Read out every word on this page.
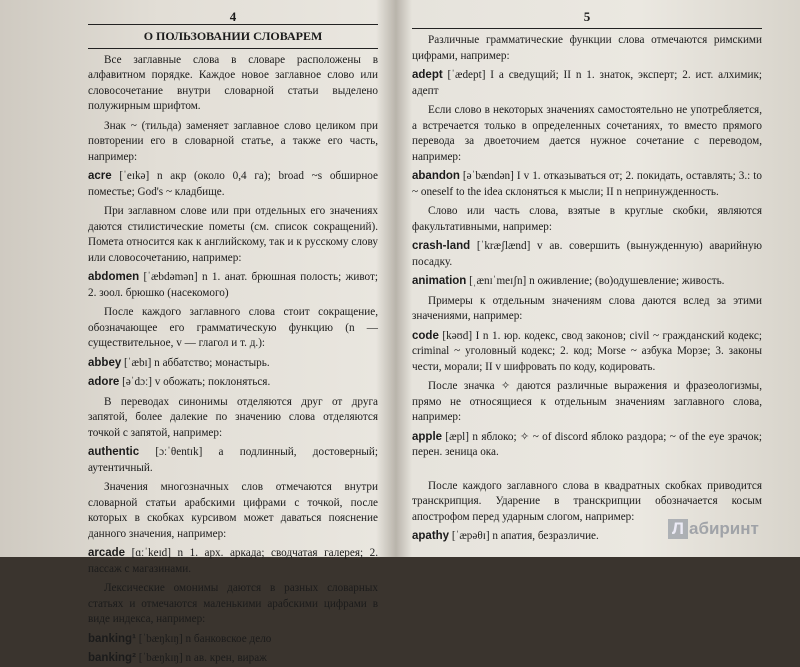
4
О ПОЛЬЗОВАНИИ СЛОВАРЕМ

Все заглавные слова в словаре расположены в алфавитном порядке. Каждое новое заглавное слово или словосочетание внутри словарной статьи выделено полужирным шрифтом.

Знак ~ (тильда) заменяет заглавное слово целиком при повторении его в словарной статье, а также его часть, например:

acre [ˈeɪkə] n акр (около 0,4 га); broad ~s обширное поместье; God's ~ кладбище.

При заглавном слове или при отдельных его значениях даются стилистические пометы (см. список сокращений). Помета относится как к английскому, так и к русскому слову или словосочетанию, например:

abdomen [ˈæbdəmən] n 1. анат. брюшная полость; живот; 2. зоол. брюшко (насекомого)

После каждого заглавного слова стоит сокращение, обозначающее его грамматическую функцию (n — существительное, v — глагол и т. д.):

abbey [ˈæbɪ] n аббатство; монастырь.

adore [əˈdɔː] v обожать; поклоняться.

В переводах синонимы отделяются друг от друга запятой, более далекие по значению слова отделяются точкой с запятой, например:

authentic [ɔːˈθentɪk] a подлинный, достоверный; аутентичный.

Значения многозначных слов отмечаются внутри словарной статьи арабскими цифрами с точкой, после которых в скобках курсивом может даваться пояснение данного значения, например:

arcade [ɑːˈkeɪd] n 1. арх. аркада; сводчатая галерея; 2. пассаж с магазинами.

Лексические омонимы даются в разных словарных статьях и отмечаются маленькими арабскими цифрами в виде индекса, например:

banking¹ [ˈbæŋkɪŋ] n банковское дело

banking² [ˈbæŋkɪŋ] n ав. крен, вираж

5

Различные грамматические функции слова отмечаются римскими цифрами, например:

adept [ˈædept] I a сведущий; II n 1. знаток, эксперт; 2. ист. алхимик; адепт

Если слово в некоторых значениях самостоятельно не употребляется, а встречается только в определенных сочетаниях, то вместо прямого перевода за двоеточием дается нужное сочетание с переводом, например:

abandon [əˈbændən] I v 1. отказываться от; 2. покидать, оставлять; 3.: to ~ oneself to the idea склоняться к мысли; II n непринужденность.

Слово или часть слова, взятые в круглые скобки, являются факультативными, например:

crash-land [ˈkræʃlænd] v ав. совершить (вынужденную) аварийную посадку.

animation [ˌænɪˈmeɪʃn] n оживление; (во)одушевление; живость.

Примеры к отдельным значениям слова даются вслед за этими значениями, например:

code [kəʊd] I n 1. юр. кодекс, свод законов; civil ~ гражданский кодекс; criminal ~ уголовный кодекс; 2. код; Morse ~ азбука Морзе; 3. законы чести, морали; II v шифровать по коду, кодировать.

После значка ✧ даются различные выражения и фразеологизмы, прямо не относящиеся к отдельным значениям заглавного слова, например:

apple [æpl] n яблоко; ✧ ~ of discord яблоко раздора; ~ of the eye зрачок; перен. зеница ока.

После каждого заглавного слова в квадратных скобках приводится транскрипция. Ударение в транскрипции обозначается косым апострофом перед ударным слогом, например:

apathy [ˈæpəθɪ] n апатия, безразличие.	Л абиринт
